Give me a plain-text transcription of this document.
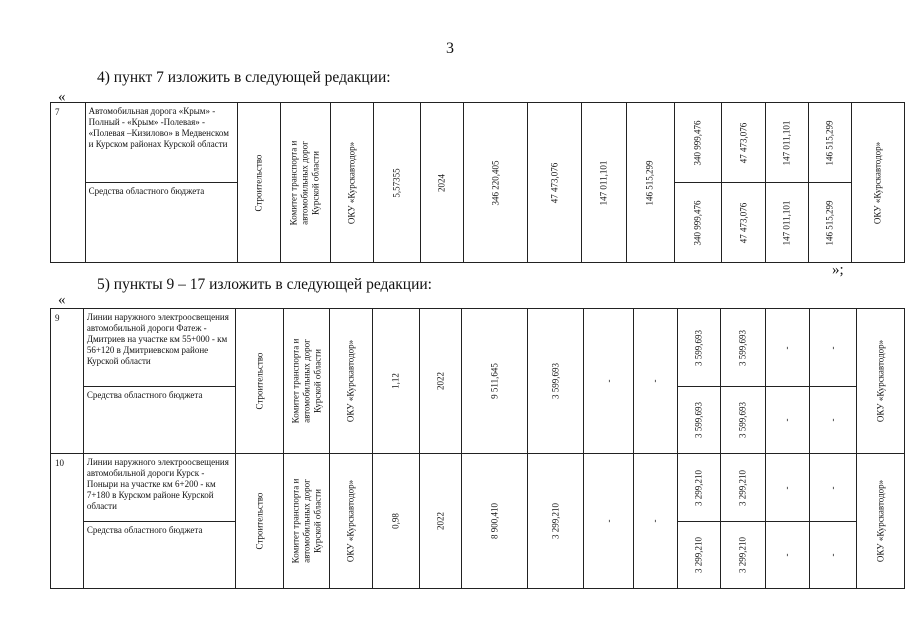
3
4) пункт 7 изложить в следующей редакции:
«
7	Автомобильная дорога «Крым» - Полный - «Крым» -Полевая» - «Полевая –Кизилово» в Медвенском и Курском районах Курской области	Строительство	Комитет транспорта и автомобильных дорог Курской области	ОКУ «Курскавтодор»	5,57355	2024	346 220,405	47 473,076	147 011,101	146 515,299	340 999,476	47 473,076	147 011,101	146 515,299	ОКУ «Курскавтодор»

	Средства областного бюджета										340 999,476	47 473,076	147 011,101	146 515,299	
»;
5) пункты 9 – 17 изложить в следующей редакции:
«
9	Линии наружного электроосвещения автомобильной дороги Фатеж - Дмитриев на участке км 55+000 - км 56+120 в Дмитриевском районе Курской области	Строительство	Комитет транспорта и автомобильных дорог Курской области	ОКУ «Курскавтодор»	1,12	2022	9 511,645	3 599,693	-	-	3 599,693	3 599,693	-	-	ОКУ «Курскавтодор»

	Средства областного бюджета										3 599,693	3 599,693	-	-	

10	Линии наружного электроосвещения автомобильной дороги Курск - Поныри на участке км 6+200 - км 7+180 в Курском районе Курской области	Строительство	Комитет транспорта и автомобильных дорог Курской области	ОКУ «Курскавтодор»	0,98	2022	8 900,410	3 299,210	-	-	3 299,210	3 299,210	-	-	ОКУ «Курскавтодор»

	Средства областного бюджета										3 299,210	3 299,210	-	-	
